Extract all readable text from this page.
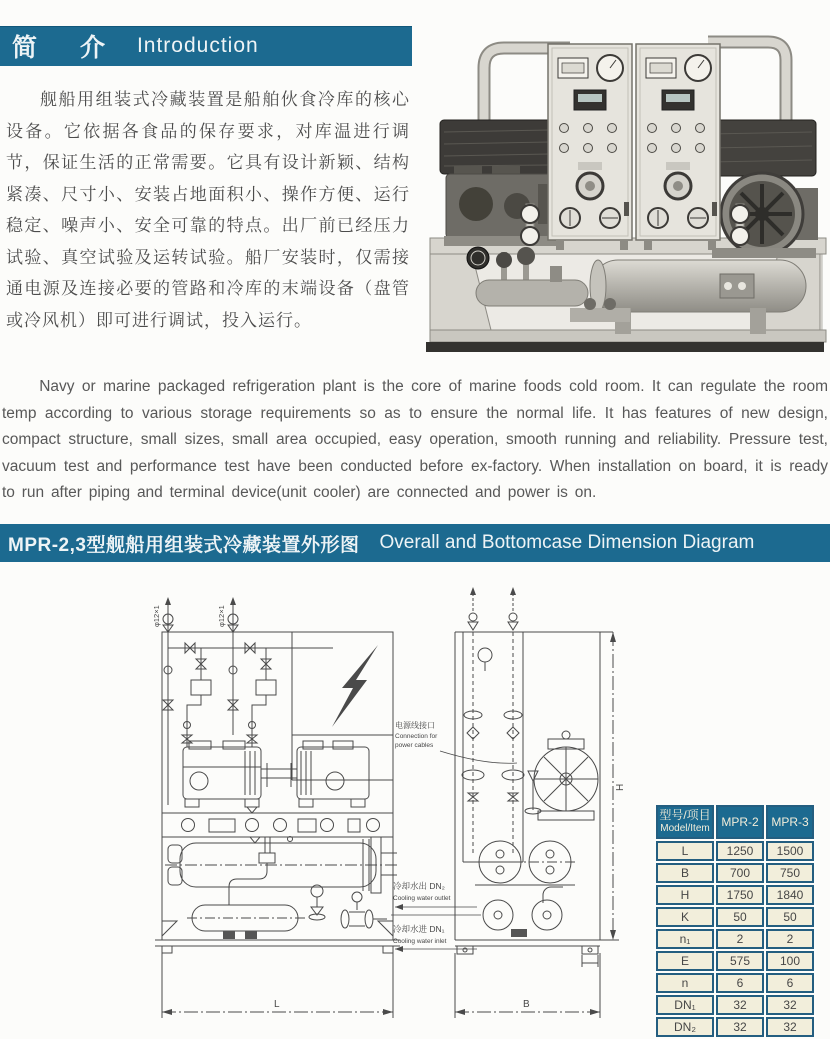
简 介 Introduction
舰船用组装式冷藏装置是船舶伙食冷库的核心设备。它依据各食品的保存要求，对库温进行调节，保证生活的正常需要。它具有设计新颖、结构紧凑、尺寸小、安装占地面积小、操作方便、运行稳定、噪声小、安全可靠的特点。出厂前已经压力试验、真空试验及运转试验。船厂安装时，仅需接通电源及连接必要的管路和冷库的末端设备（盘管或冷风机）即可进行调试，投入运行。
Navy or marine packaged refrigeration plant is the core of marine foods cold room. It can regulate the room temp according to various storage requirements so as to ensure the normal life. It has features of new design, compact structure, small sizes, small area occupied, easy operation, smooth running and reliability. Pressure test, vacuum test and performance test have been conducted before ex-factory. When installation on board, it is ready to run after piping and terminal device(unit cooler) are connected and power is on.
MPR-2,3型舰船用组装式冷藏装置外形图 Overall and Bottomcase Dimension Diagram
L	B
H
φ12×1	φ12×1
电源线接口
Connection for
power cables
冷却水出 DN₂
Cooling water outlet
冷却水进 DN₁
Cooling water inlet
型号/项目
Model/Item	MPR-2	MPR-3
L	1250	1500
B	700	750
H	1750	1840
K	50	50
n₁	2	2
E	575	100
n	6	6
DN₁	32	32
DN₂	32	32
